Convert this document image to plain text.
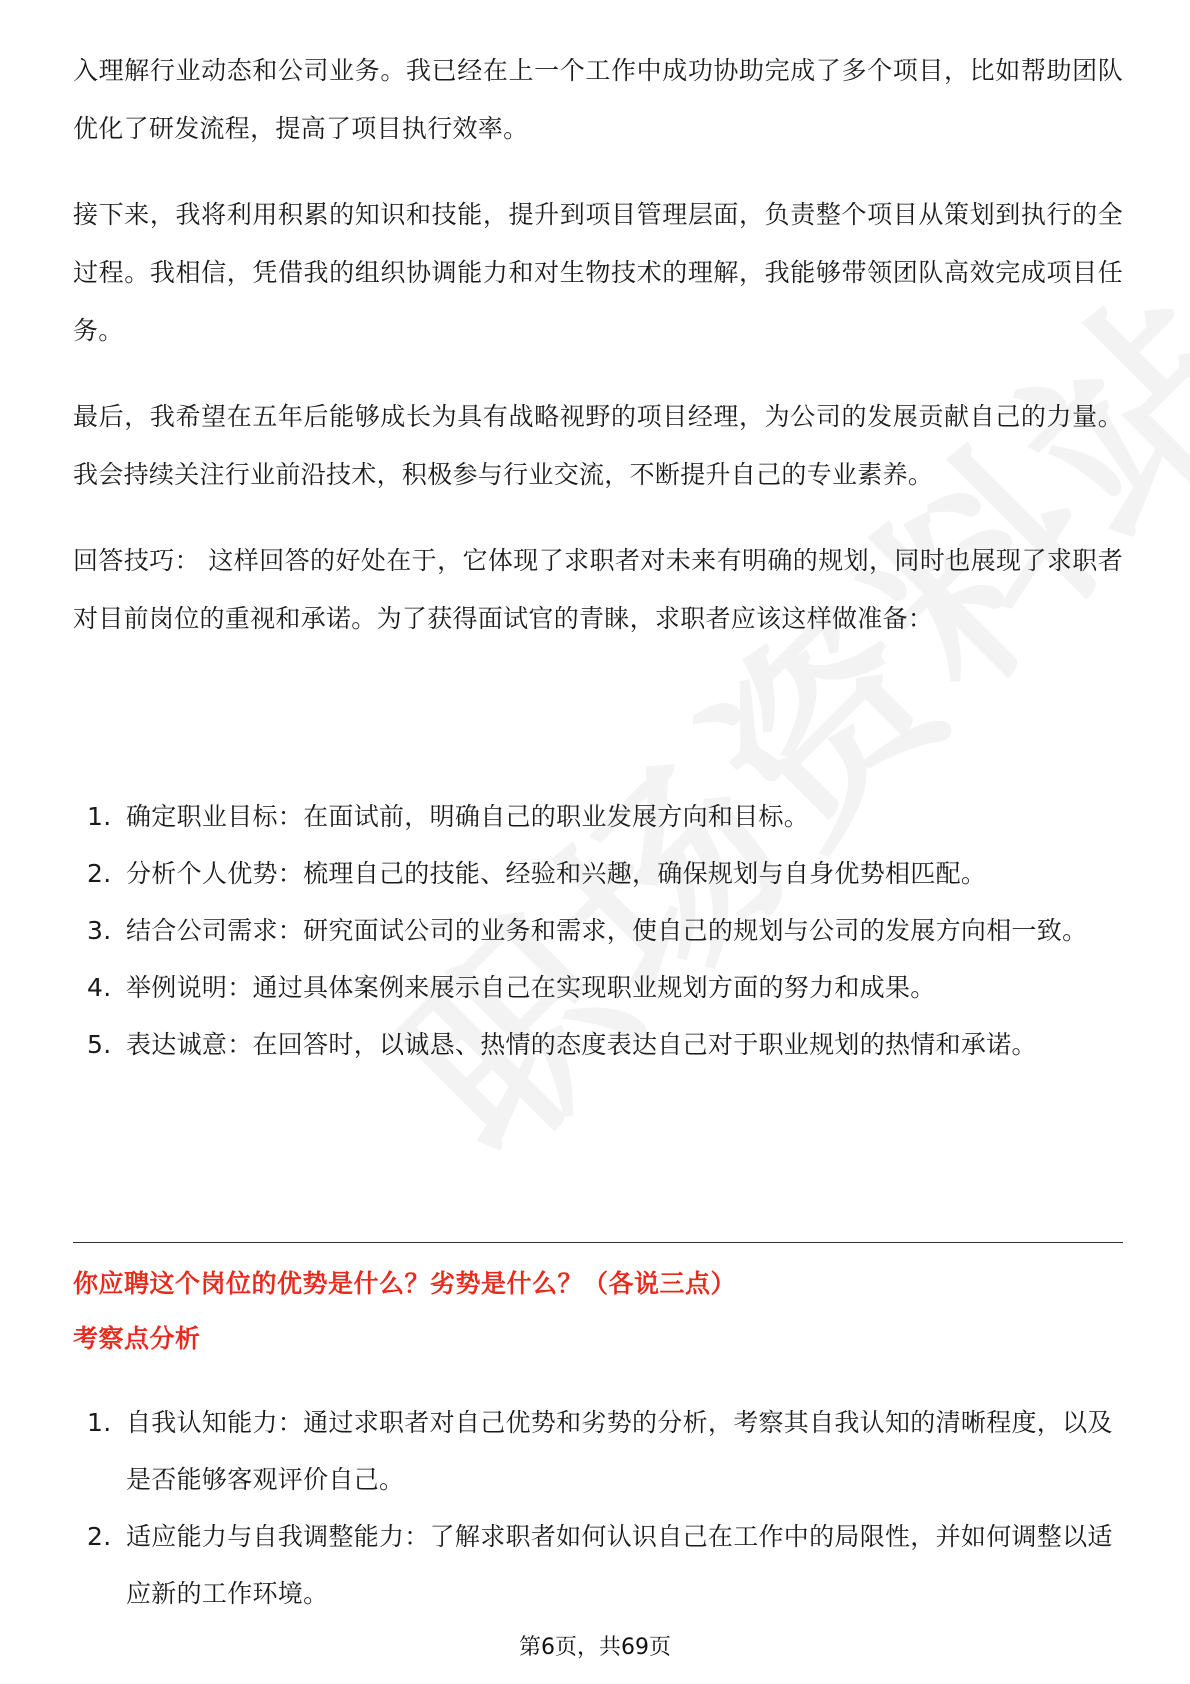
入理解行业动态和公司业务。我已经在上一个工作中成功协助完成了多个项目，比如帮助团队优化了研发流程，提高了项目执行效率。

接下来，我将利用积累的知识和技能，提升到项目管理层面，负责整个项目从策划到执行的全过程。我相信，凭借我的组织协调能力和对生物技术的理解，我能够带领团队高效完成项目任务。

最后，我希望在五年后能够成长为具有战略视野的项目经理，为公司的发展贡献自己的力量。我会持续关注行业前沿技术，积极参与行业交流，不断提升自己的专业素养。

回答技巧： 这样回答的好处在于，它体现了求职者对未来有明确的规划，同时也展现了求职者对目前岗位的重视和承诺。为了获得面试官的青睐，求职者应该这样做准备：

1. 确定职业目标：在面试前，明确自己的职业发展方向和目标。
2. 分析个人优势：梳理自己的技能、经验和兴趣，确保规划与自身优势相匹配。
3. 结合公司需求：研究面试公司的业务和需求，使自己的规划与公司的发展方向相一致。
4. 举例说明：通过具体案例来展示自己在实现职业规划方面的努力和成果。
5. 表达诚意：在回答时，以诚恳、热情的态度表达自己对于职业规划的热情和承诺。
你应聘这个岗位的优势是什么？劣势是什么？（各说三点）
考察点分析
1. 自我认知能力：通过求职者对自己优势和劣势的分析，考察其自我认知的清晰程度，以及是否能够客观评价自己。
2. 适应能力与自我调整能力：了解求职者如何认识自己在工作中的局限性，并如何调整以适应新的工作环境。
第6页，共69页
